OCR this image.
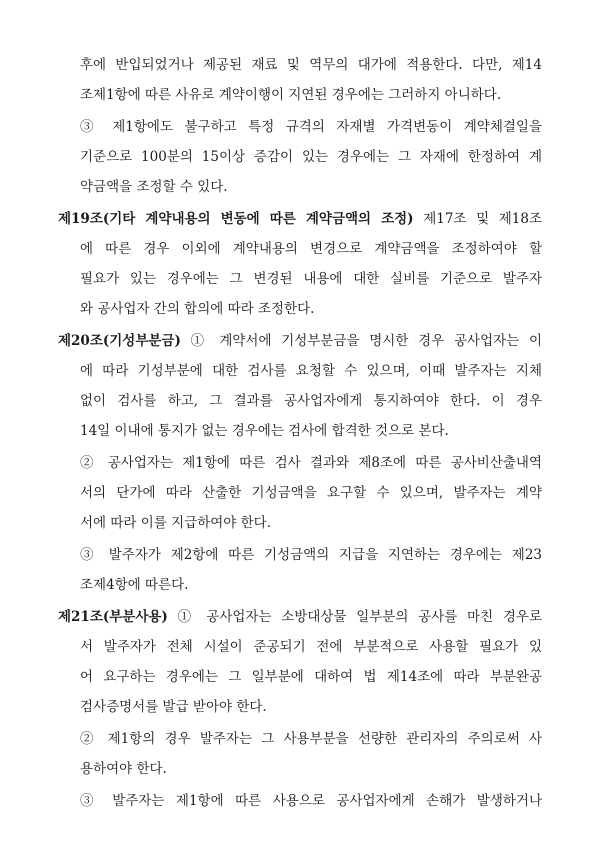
후에 반입되었거나 제공된 재료 및 역무의 대가에 적용한다. 다만, 제14
조제1항에 따른 사유로 계약이행이 지연된 경우에는 그러하지 아니하다.
③ 제1항에도 불구하고 특정 규격의 자재별 가격변동이 계약체결일을
기준으로 100분의 15이상 증감이 있는 경우에는 그 자재에 한정하여 계
약금액을 조정할 수 있다.
제19조(기타 계약내용의 변동에 따른 계약금액의 조정) 제17조 및 제18조
에 따른 경우 이외에 계약내용의 변경으로 계약금액을 조정하여야 할
필요가 있는 경우에는 그 변경된 내용에 대한 실비를 기준으로 발주자
와 공사업자 간의 합의에 따라 조정한다.
제20조(기성부분금) ① 계약서에 기성부분금을 명시한 경우 공사업자는 이
에 따라 기성부분에 대한 검사를 요청할 수 있으며, 이때 발주자는 지체
없이 검사를 하고, 그 결과를 공사업자에게 통지하여야 한다. 이 경우
14일 이내에 통지가 없는 경우에는 검사에 합격한 것으로 본다.
② 공사업자는 제1항에 따른 검사 결과와 제8조에 따른 공사비산출내역
서의 단가에 따라 산출한 기성금액을 요구할 수 있으며, 발주자는 계약
서에 따라 이를 지급하여야 한다.
③ 발주자가 제2항에 따른 기성금액의 지급을 지연하는 경우에는 제23
조제4항에 따른다.
제21조(부분사용) ① 공사업자는 소방대상물 일부분의 공사를 마친 경우로
서 발주자가 전체 시설이 준공되기 전에 부분적으로 사용할 필요가 있
어 요구하는 경우에는 그 일부분에 대하여 법 제14조에 따라 부분완공
검사증명서를 발급 받아야 한다.
② 제1항의 경우 발주자는 그 사용부분을 선량한 관리자의 주의로써 사
용하여야 한다.
③ 발주자는 제1항에 따른 사용으로 공사업자에게 손해가 발생하거나
